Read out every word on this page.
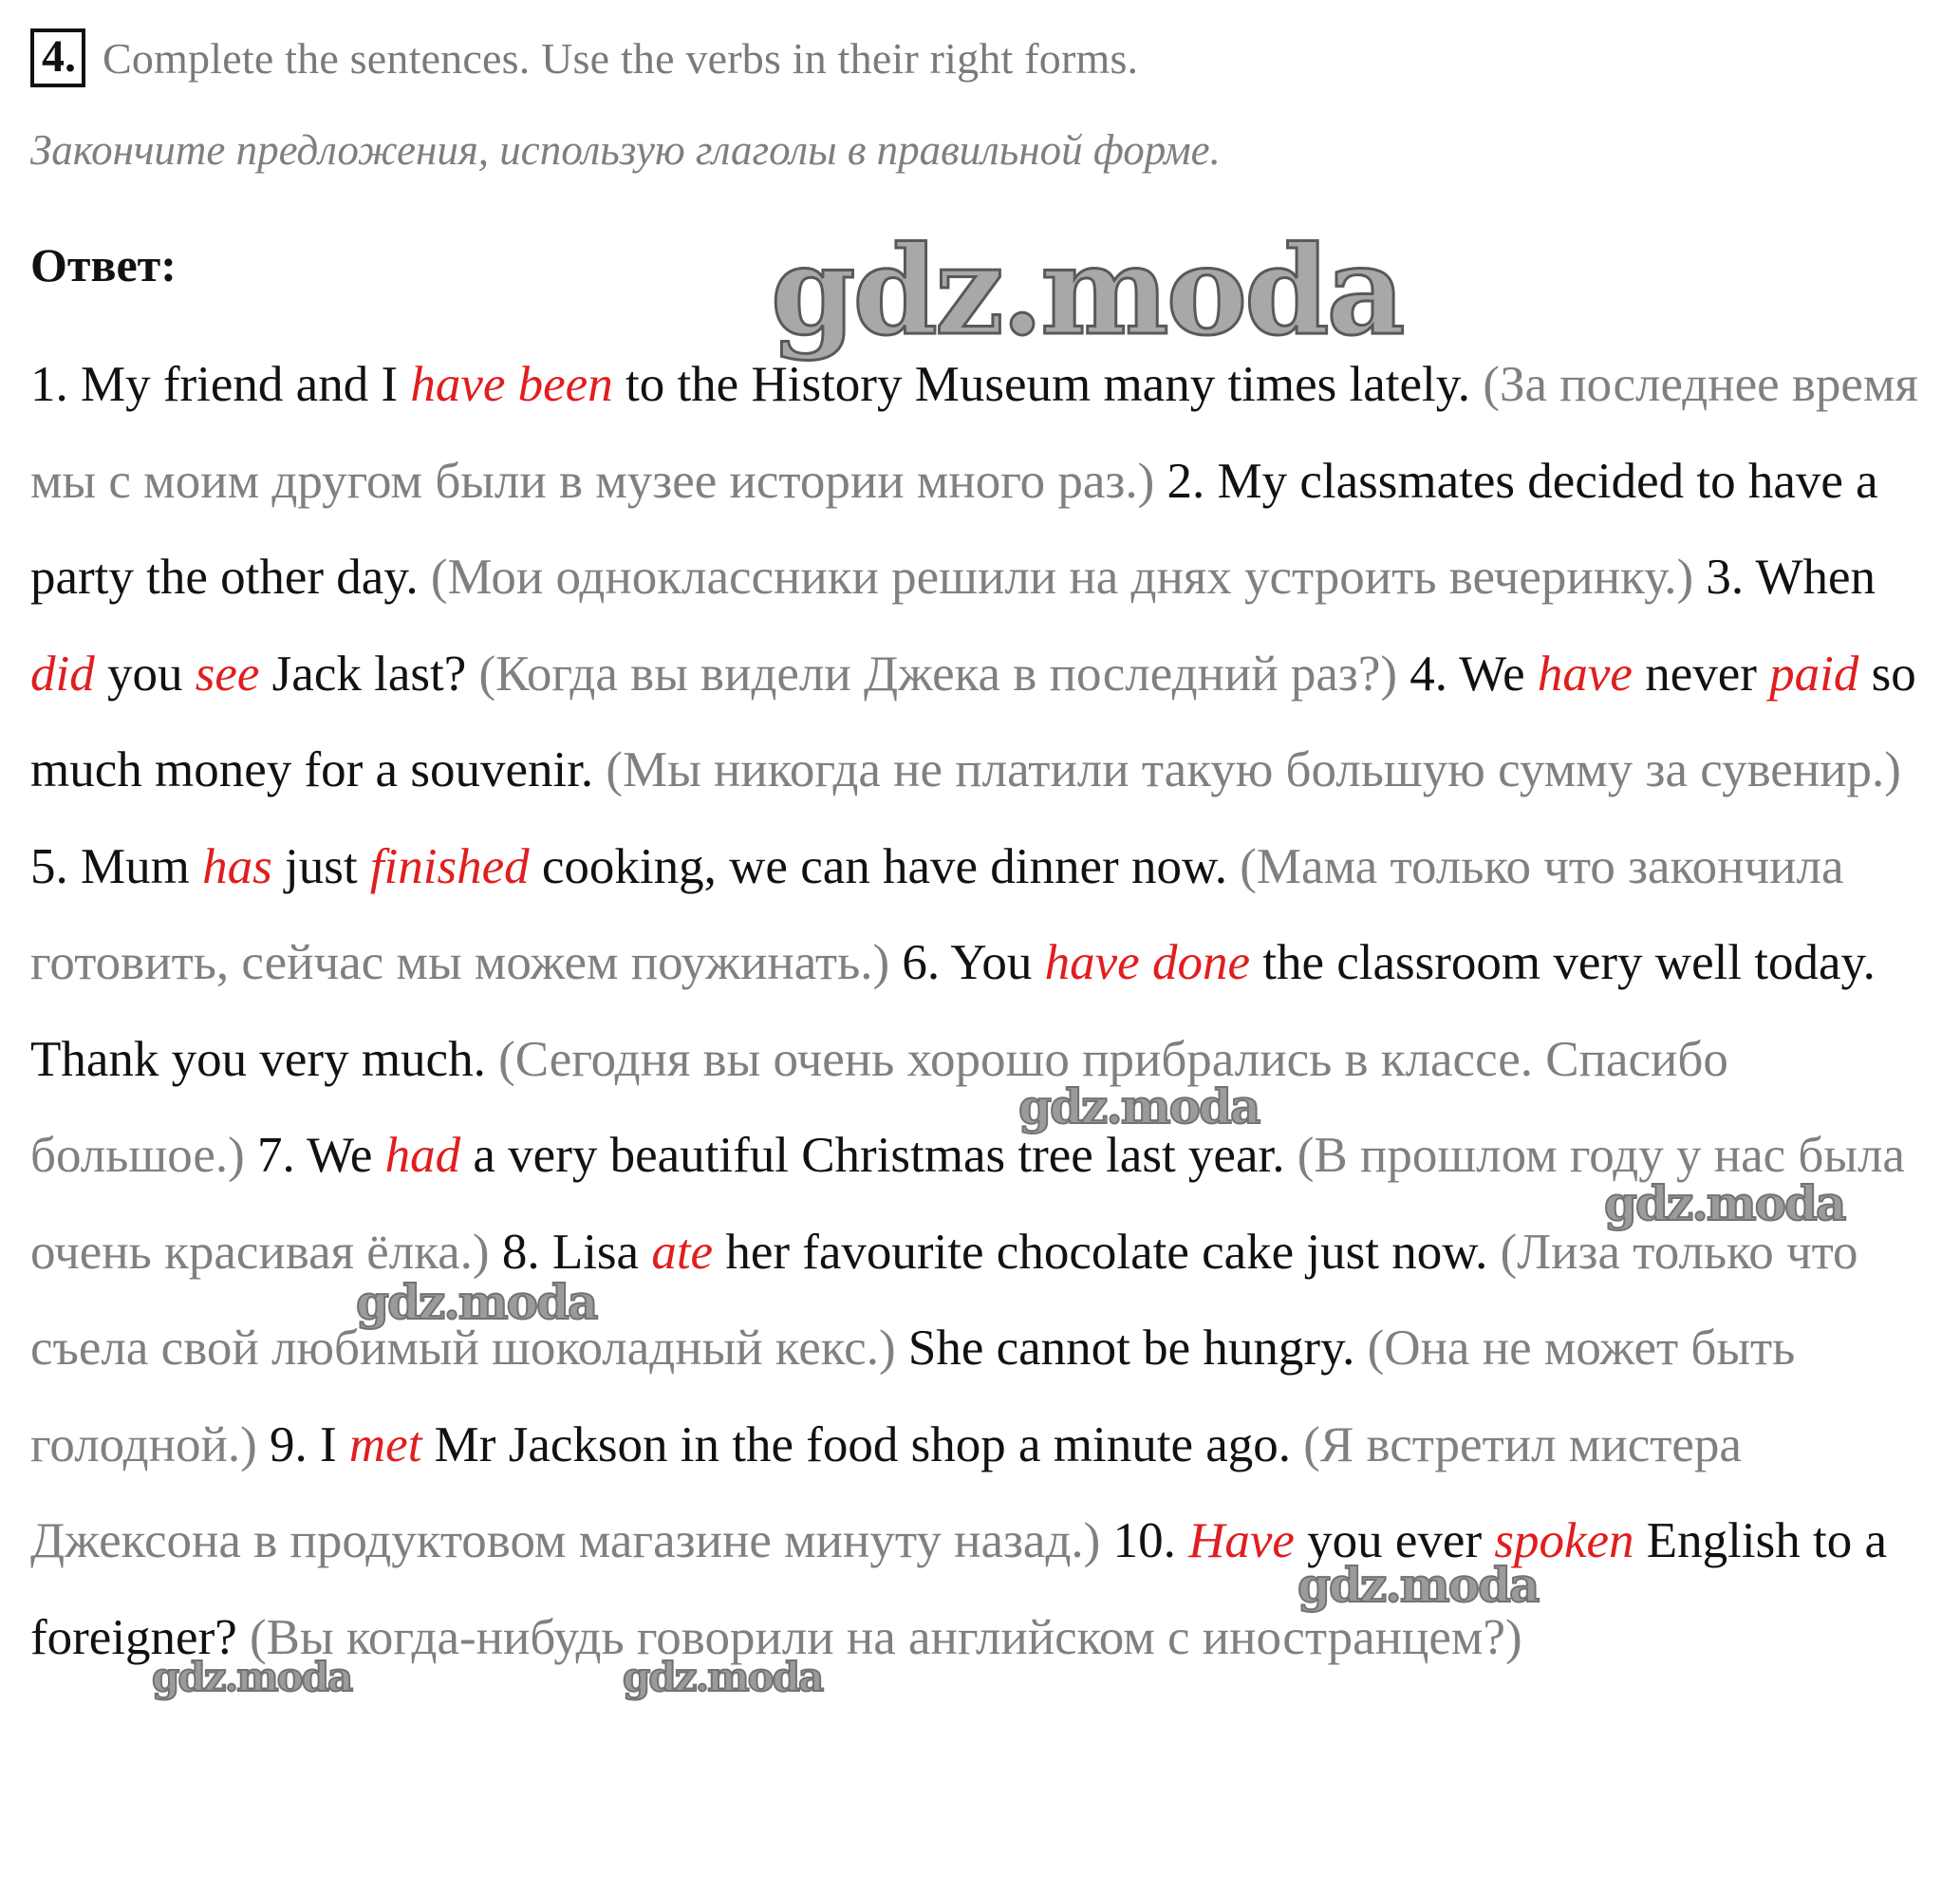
4. Complete the sentences. Use the verbs in their right forms.
Закончите предложения, использую глаголы в правильной форме.
Ответ:
1. My friend and I have been to the History Museum many times lately. (За последнее время мы с моим другом были в музее истории много раз.) 2. My classmates decided to have a party the other day. (Мои одноклассники решили на днях устроить вечеринку.) 3. When did you see Jack last? (Когда вы видели Джека в последний раз?) 4. We have never paid so much money for a souvenir. (Мы никогда не платили такую большую сумму за сувенир.) 5. Mum has just finished cooking, we can have dinner now. (Мама только что закончила готовить, сейчас мы можем поужинать.) 6. You have done the classroom very well today. Thank you very much. (Сегодня вы очень хорошо прибрались в классе. Спасибо большое.) 7. We had a very beautiful Christmas tree last year. (В прошлом году у нас была очень красивая ёлка.) 8. Lisa ate her favourite chocolate cake just now. (Лиза только что съела свой любимый шоколадный кекс.) She cannot be hungry. (Она не может быть голодной.) 9. I met Mr Jackson in the food shop a minute ago. (Я встретил мистера Джексона в продуктовом магазине минуту назад.) 10. Have you ever spoken English to a foreigner? (Вы когда-нибудь говорили на английском с иностранцем?)
gdz.moda
gdz.moda
gdz.moda
gdz.moda
gdz.moda
gdz.moda	gdz.moda
